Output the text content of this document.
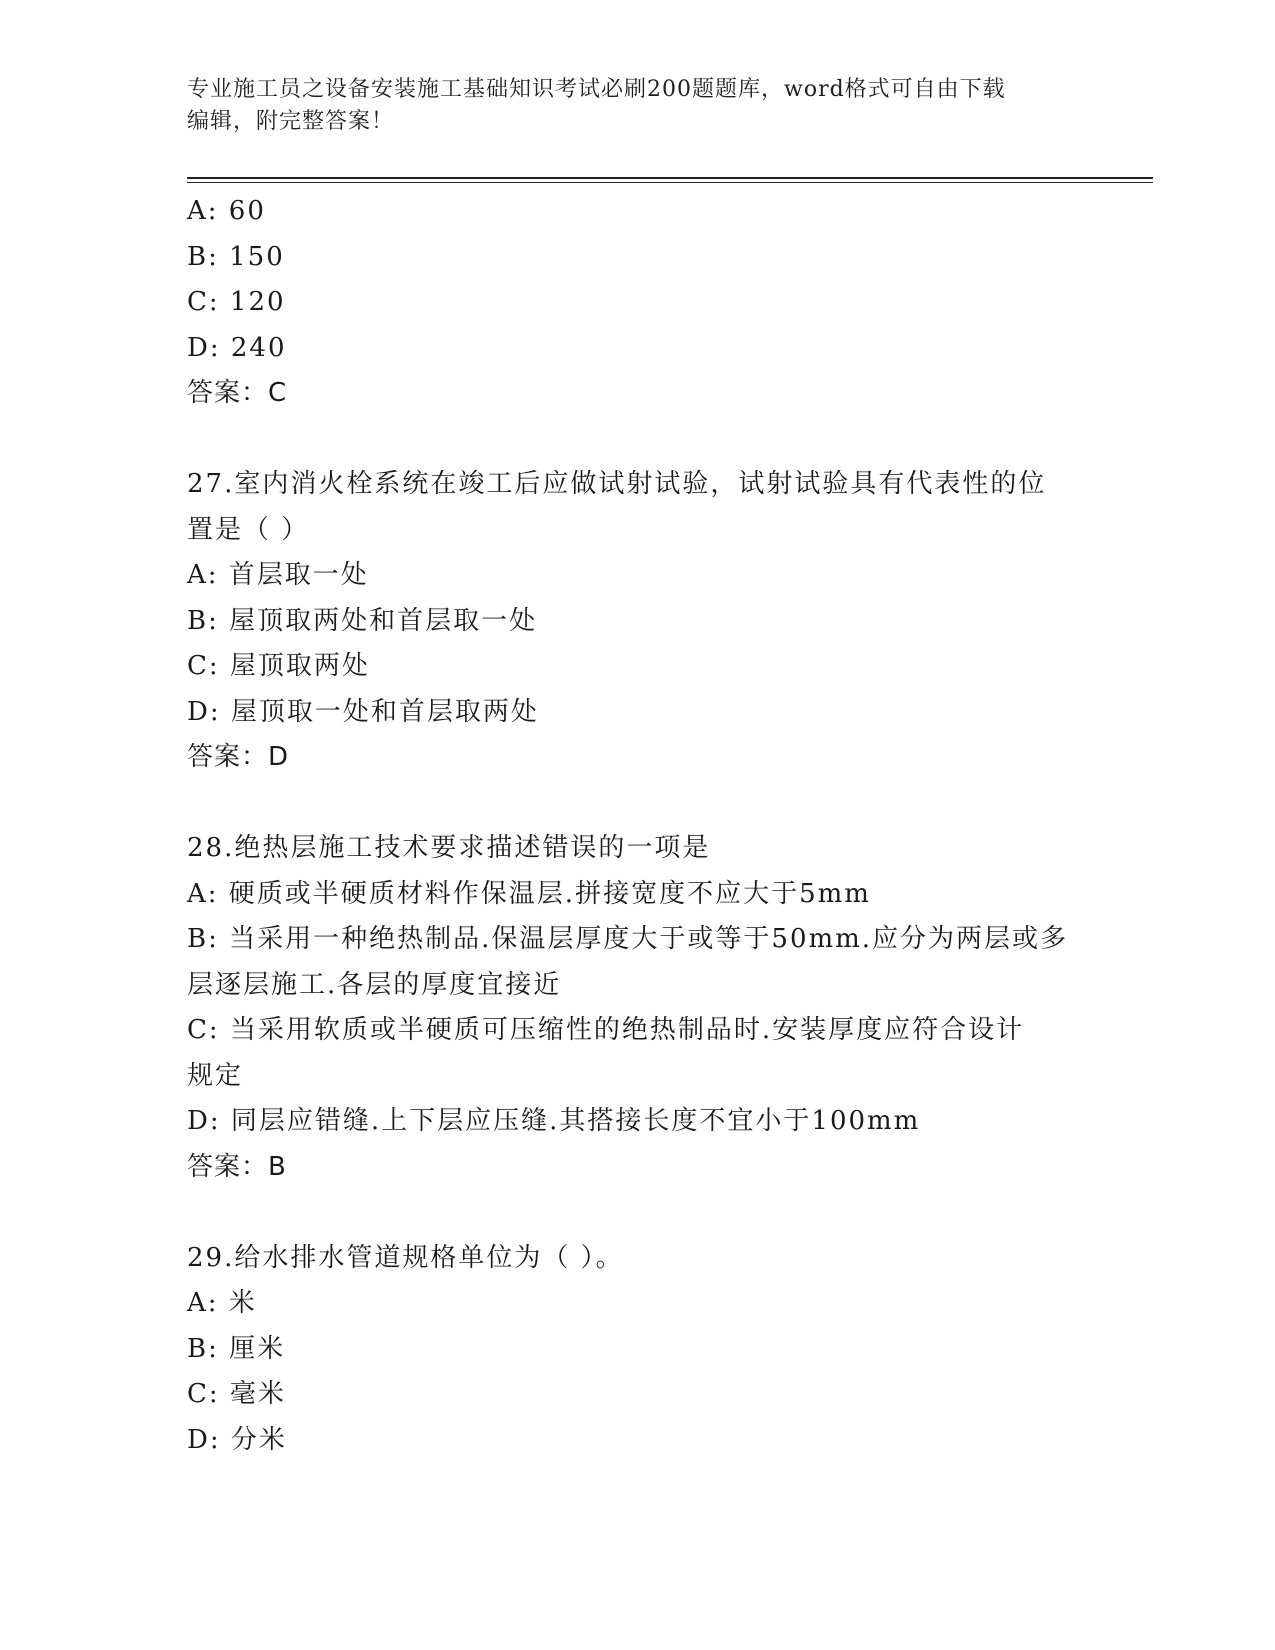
专业施工员之设备安装施工基础知识考试必刷200题题库，word格式可自由下载
编辑，附完整答案！
A: 60
B: 150
C: 120
D: 240
答案：C
27.室内消火栓系统在竣工后应做试射试验，试射试验具有代表性的位
置是（ ）
A: 首层取一处
B: 屋顶取两处和首层取一处
C: 屋顶取两处
D: 屋顶取一处和首层取两处
答案：D
28.绝热层施工技术要求描述错误的一项是
A: 硬质或半硬质材料作保温层.拼接宽度不应大于5mm
B: 当采用一种绝热制品.保温层厚度大于或等于50mm.应分为两层或多
层逐层施工.各层的厚度宜接近
C: 当采用软质或半硬质可压缩性的绝热制品时.安装厚度应符合设计
规定
D: 同层应错缝.上下层应压缝.其搭接长度不宜小于100mm
答案：B
29.给水排水管道规格单位为（ ）。
A: 米
B: 厘米
C: 毫米
D: 分米
